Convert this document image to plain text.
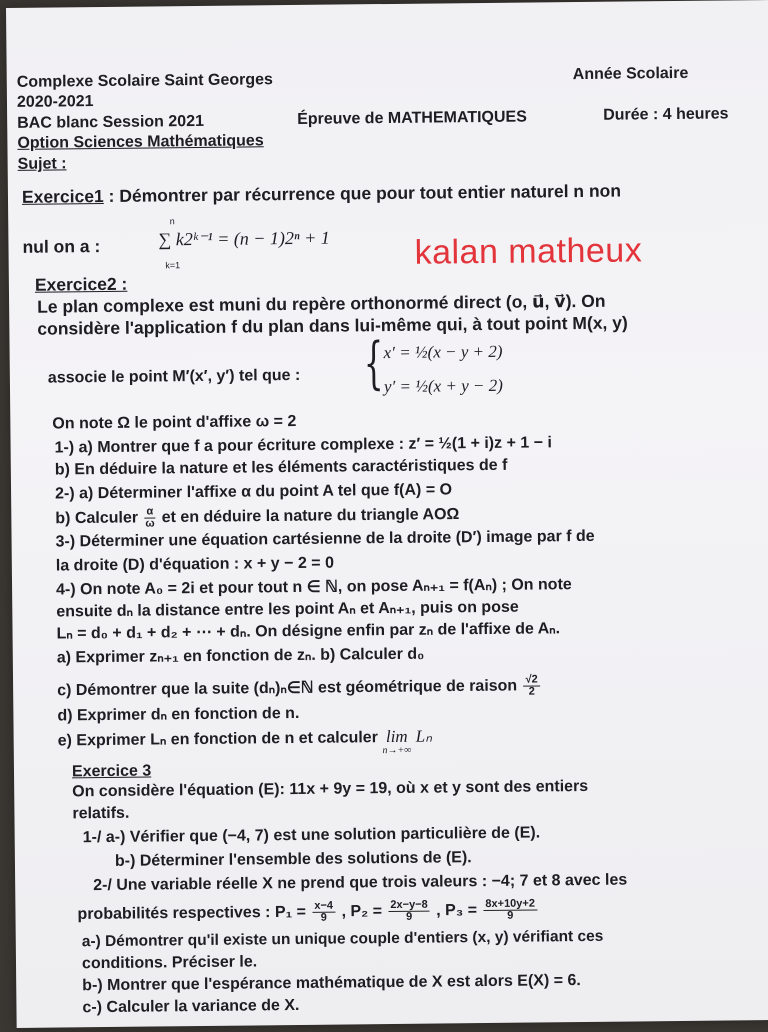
Complexe Scolaire Saint Georges	Année Scolaire
2020-2021
BAC blanc Session 2021	Épreuve de MATHEMATIQUES	Durée : 4 heures
Option Sciences Mathématiques
Sujet :
Exercice1 : Démontrer par récurrence que pour tout entier naturel n non
nul on a :
n
k=1
∑ k2ᵏ⁻¹ = (n − 1)2ⁿ + 1 kalan matheux
Exercice2 :
Le plan complexe est muni du repère orthonormé direct (o, u⃗, v⃗). On
considère l'application f du plan dans lui-même qui, à tout point M(x, y)
associe le point M′(x′, y′) tel que : { x′ = ½(x − y + 2)
y′ = ½(x + y − 2)
On note Ω le point d'affixe ω = 2
1-) a) Montrer que f a pour écriture complexe : z′ = ½(1 + i)z + 1 − i
b) En déduire la nature et les éléments caractéristiques de f
2-) a) Déterminer l'affixe α du point A tel que f(A) = O
b) Calculer $\frac{\alpha}{\omega}$ et en déduire la nature du triangle AOΩ
3-) Déterminer une équation cartésienne de la droite (D′) image par f de
la droite (D) d'équation : x + y − 2 = 0
4-) On note A₀ = 2i et pour tout n ∈ ℕ, on pose Aₙ₊₁ = f(Aₙ) ; On note
ensuite dₙ la distance entre les point Aₙ et Aₙ₊₁, puis on pose
Lₙ = d₀ + d₁ + d₂ + ⋯ + dₙ. On désigne enfin par zₙ de l'affixe de Aₙ.
a) Exprimer zₙ₊₁ en fonction de zₙ. b) Calculer d₀
c) Démontrer que la suite (dₙ)ₙ∈ℕ est géométrique de raison $\frac{√2}{2}$
d) Exprimer dₙ en fonction de n.
e) Exprimer Lₙ en fonction de n et calculer lim
n→+∞
Lₙ
Exercice 3
On considère l'équation (E): 11x + 9y = 19, où x et y sont des entiers
relatifs.
1-/ a-) Vérifier que (−4, 7) est une solution particulière de (E).
b-) Déterminer l'ensemble des solutions de (E).
2-/ Une variable réelle X ne prend que trois valeurs : −4; 7 et 8 avec les
probabilités respectives : $P_1 = \frac{x-4}{9}$ , $P_2 = \frac{2x-y-8}{9}$ , $P_3 = \frac{8x+10y+2}{9}$
a-) Démontrer qu'il existe un unique couple d'entiers (x, y) vérifiant ces
conditions. Préciser le.
b-) Montrer que l'espérance mathématique de X est alors E(X) = 6.
c-) Calculer la variance de X.
